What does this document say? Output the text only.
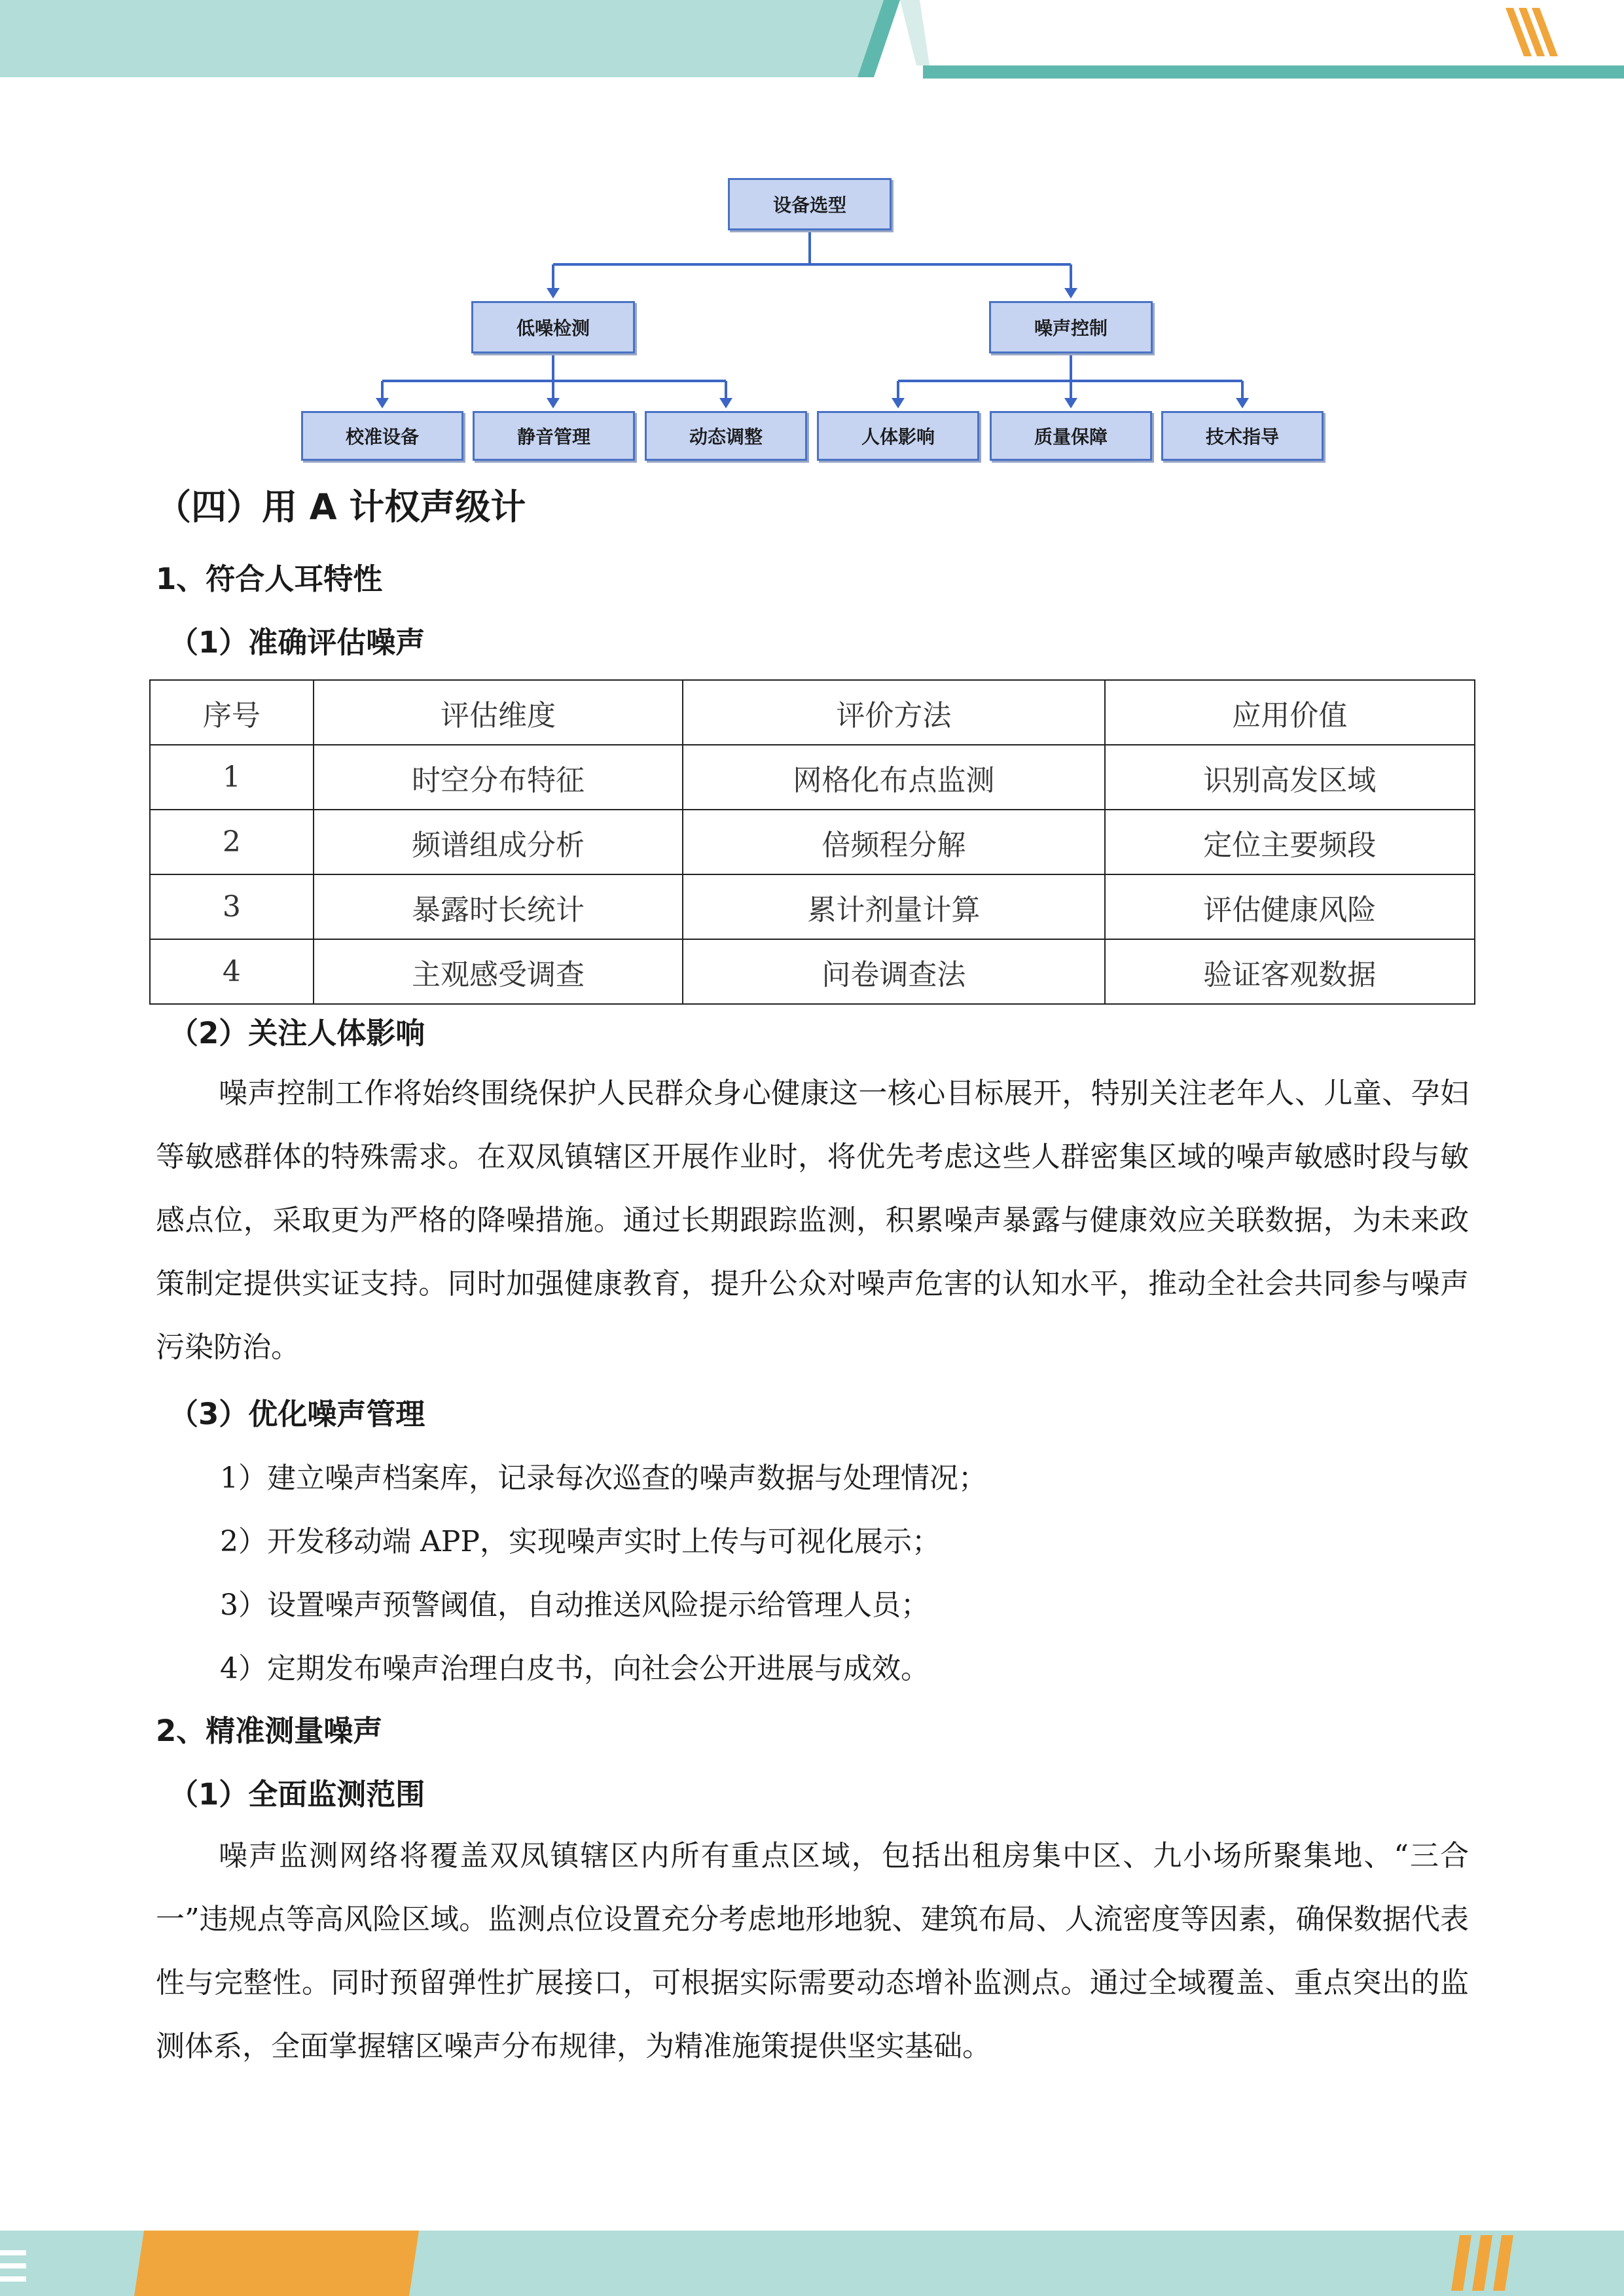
设备选型
低噪检测	噪声控制
校准设备	静音管理	动态调整	人体影响	质量保障	技术指导
（四）用 A 计权声级计
1、符合人耳特性
（1）准确评估噪声
序号	评估维度	评价方法	应用价值
1	时空分布特征	网格化布点监测	识别高发区域
2	频谱组成分析	倍频程分解	定位主要频段
3	暴露时长统计	累计剂量计算	评估健康风险
4	主观感受调查	问卷调查法	验证客观数据
（2）关注人体影响
噪声控制工作将始终围绕保护人民群众身心健康这一核心目标展开，特别关注老年人、儿童、孕妇等敏感群体的特殊需求。在双凤镇辖区开展作业时，将优先考虑这些人群密集区域的噪声敏感时段与敏感点位，采取更为严格的降噪措施。通过长期跟踪监测，积累噪声暴露与健康效应关联数据，为未来政策制定提供实证支持。同时加强健康教育，提升公众对噪声危害的认知水平，推动全社会共同参与噪声污染防治。
（3）优化噪声管理
1）建立噪声档案库，记录每次巡查的噪声数据与处理情况；
2）开发移动端 APP，实现噪声实时上传与可视化展示；
3）设置噪声预警阈值，自动推送风险提示给管理人员；
4）定期发布噪声治理白皮书，向社会公开进展与成效。
2、精准测量噪声
（1）全面监测范围
噪声监测网络将覆盖双凤镇辖区内所有重点区域，包括出租房集中区、九小场所聚集地、“三合一”违规点等高风险区域。监测点位设置充分考虑地形地貌、建筑布局、人流密度等因素，确保数据代表性与完整性。同时预留弹性扩展接口，可根据实际需要动态增补监测点。通过全域覆盖、重点突出的监测体系，全面掌握辖区噪声分布规律，为精准施策提供坚实基础。
